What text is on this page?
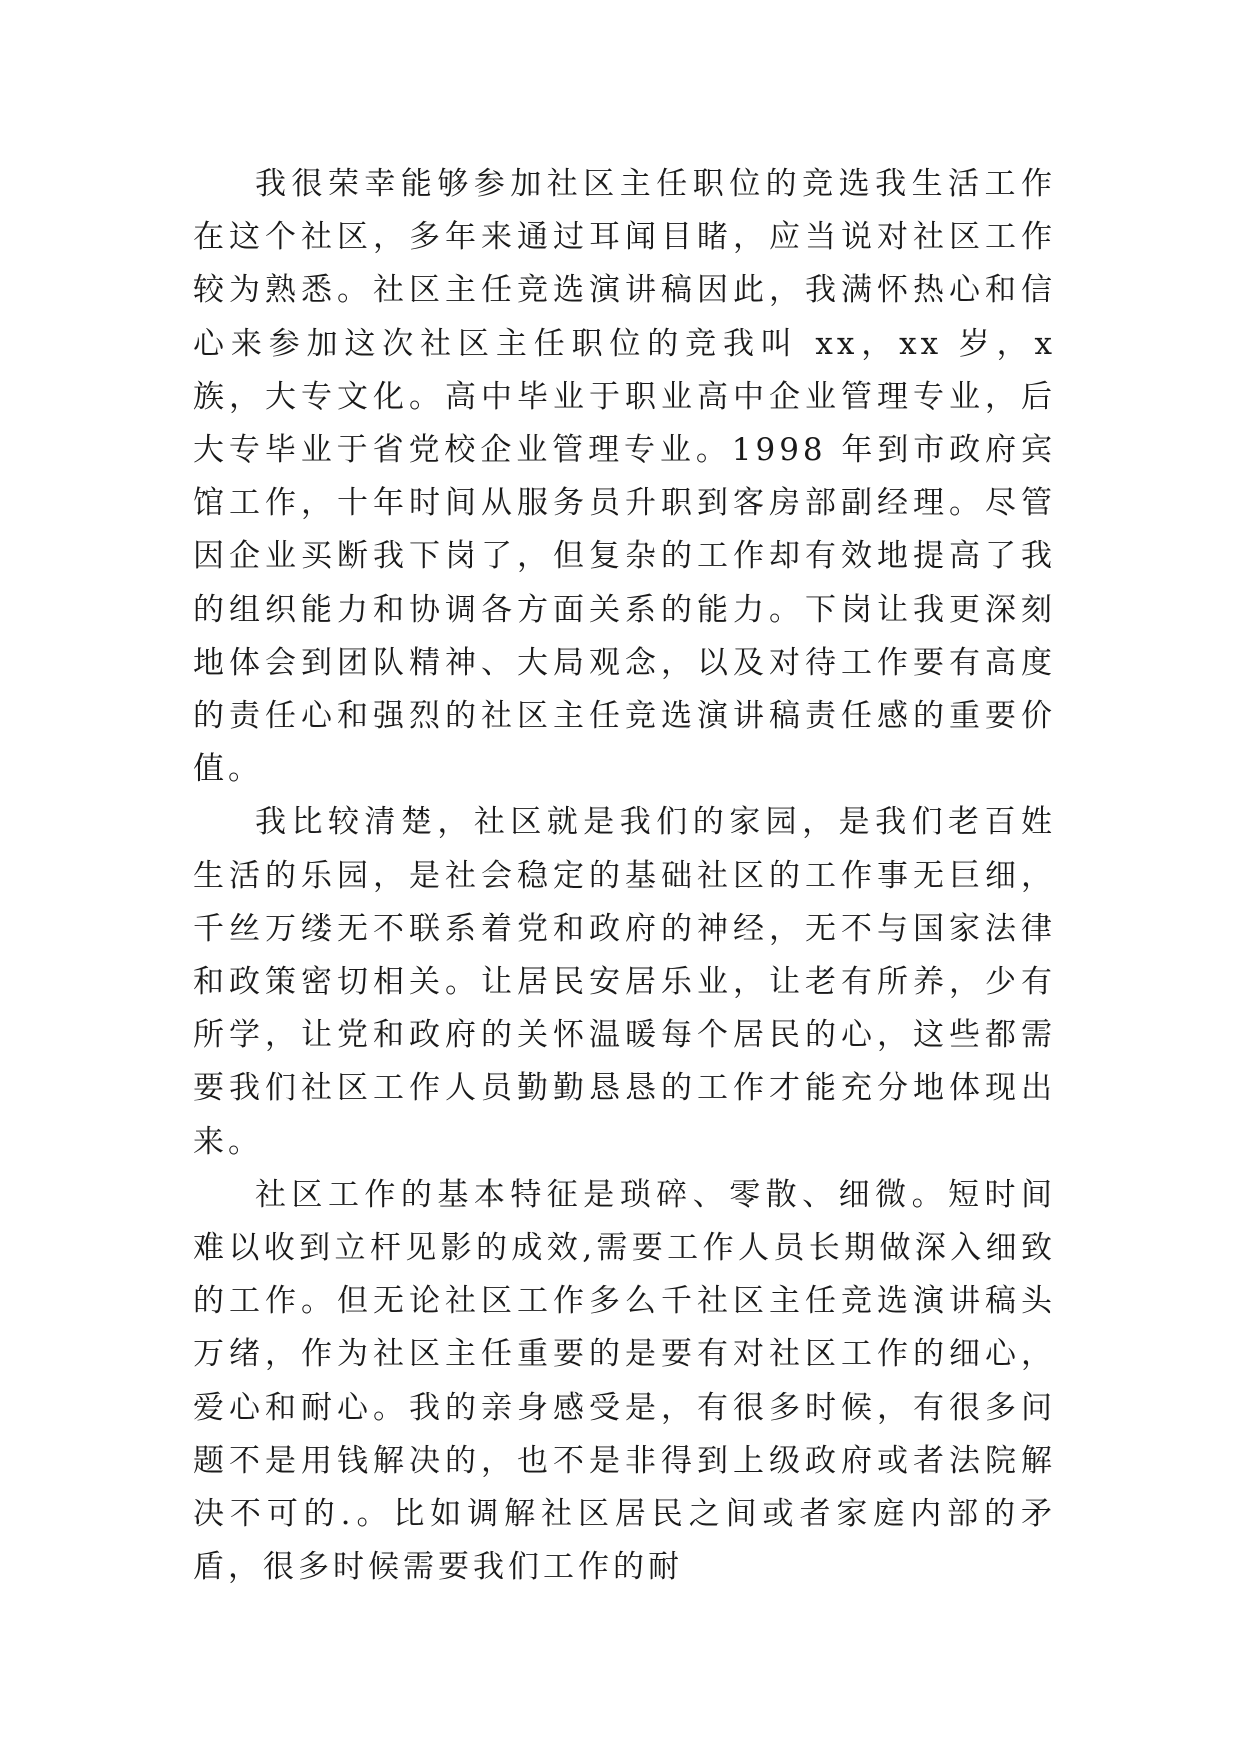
我很荣幸能够参加社区主任职位的竞选我生活工作在这个社区，多年来通过耳闻目睹，应当说对社区工作较为熟悉。社区主任竞选演讲稿因此，我满怀热心和信心来参加这次社区主任职位的竞我叫 xx，xx 岁，x 族，大专文化。高中毕业于职业高中企业管理专业，后大专毕业于省党校企业管理专业。1998 年到市政府宾馆工作，十年时间从服务员升职到客房部副经理。尽管因企业买断我下岗了，但复杂的工作却有效地提高了我的组织能力和协调各方面关系的能力。下岗让我更深刻地体会到团队精神、大局观念，以及对待工作要有高度的责任心和强烈的社区主任竞选演讲稿责任感的重要价值。

我比较清楚，社区就是我们的家园，是我们老百姓生活的乐园，是社会稳定的基础社区的工作事无巨细，千丝万缕无不联系着党和政府的神经，无不与国家法律和政策密切相关。让居民安居乐业，让老有所养，少有所学，让党和政府的关怀温暖每个居民的心，这些都需要我们社区工作人员勤勤恳恳的工作才能充分地体现出来。

社区工作的基本特征是琐碎、零散、细微。短时间难以收到立杆见影的成效,需要工作人员长期做深入细致的工作。但无论社区工作多么千社区主任竞选演讲稿头万绪，作为社区主任重要的是要有对社区工作的细心，爱心和耐心。我的亲身感受是，有很多时候，有很多问题不是用钱解决的，也不是非得到上级政府或者法院解决不可的.。比如调解社区居民之间或者家庭内部的矛盾，很多时候需要我们工作的耐
